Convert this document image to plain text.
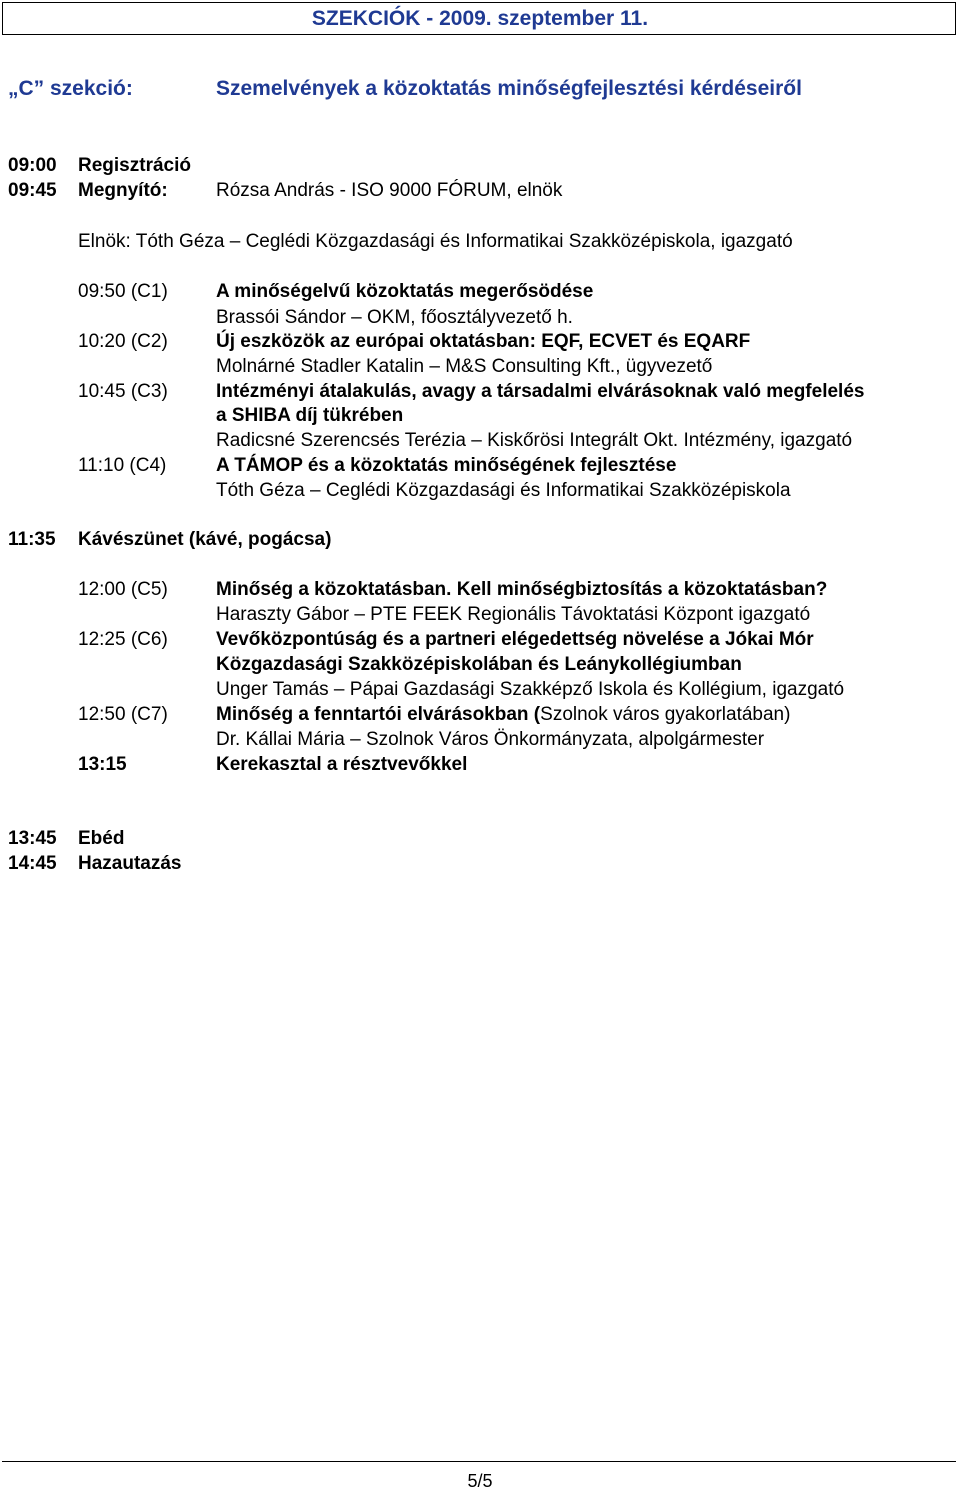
SZEKCIÓK - 2009. szeptember 11.
„C” szekció:	Szemelvények a közoktatás minőségfejlesztési kérdéseiről
09:00 Regisztráció
09:45 Megnyító:	Rózsa András - ISO 9000 FÓRUM, elnök
Elnök: Tóth Géza – Ceglédi Közgazdasági és Informatikai Szakközépiskola, igazgató
09:50 (C1)	A minőségelvű közoktatás megerősödése
Brassói Sándor – OKM, főosztályvezető h.
10:20 (C2)	Új eszközök az európai oktatásban: EQF, ECVET és EQARF
Molnárné Stadler Katalin – M&S Consulting Kft., ügyvezető
10:45 (C3)	Intézményi átalakulás, avagy a társadalmi elvárásoknak való megfelelés
a SHIBA díj tükrében
Radicsné Szerencsés Terézia – Kiskőrösi Integrált Okt. Intézmény, igazgató
11:10 (C4)	A TÁMOP és a közoktatás minőségének fejlesztése
Tóth Géza – Ceglédi Közgazdasági és Informatikai Szakközépiskola
11:35 Kávészünet (kávé, pogácsa)
12:00 (C5)	Minőség a közoktatásban. Kell minőségbiztosítás a közoktatásban?
Haraszty Gábor – PTE FEEK Regionális Távoktatási Központ igazgató
12:25 (C6)	Vevőközpontúság és a partneri elégedettség növelése a Jókai Mór
Közgazdasági Szakközépiskolában és Leánykollégiumban
Unger Tamás – Pápai Gazdasági Szakképző Iskola és Kollégium, igazgató
12:50 (C7)	Minőség a fenntartói elvárásokban (Szolnok város gyakorlatában)
Dr. Kállai Mária – Szolnok Város Önkormányzata, alpolgármester
13:15	Kerekasztal a résztvevőkkel
13:45 Ebéd
14:45 Hazautazás
5/5
